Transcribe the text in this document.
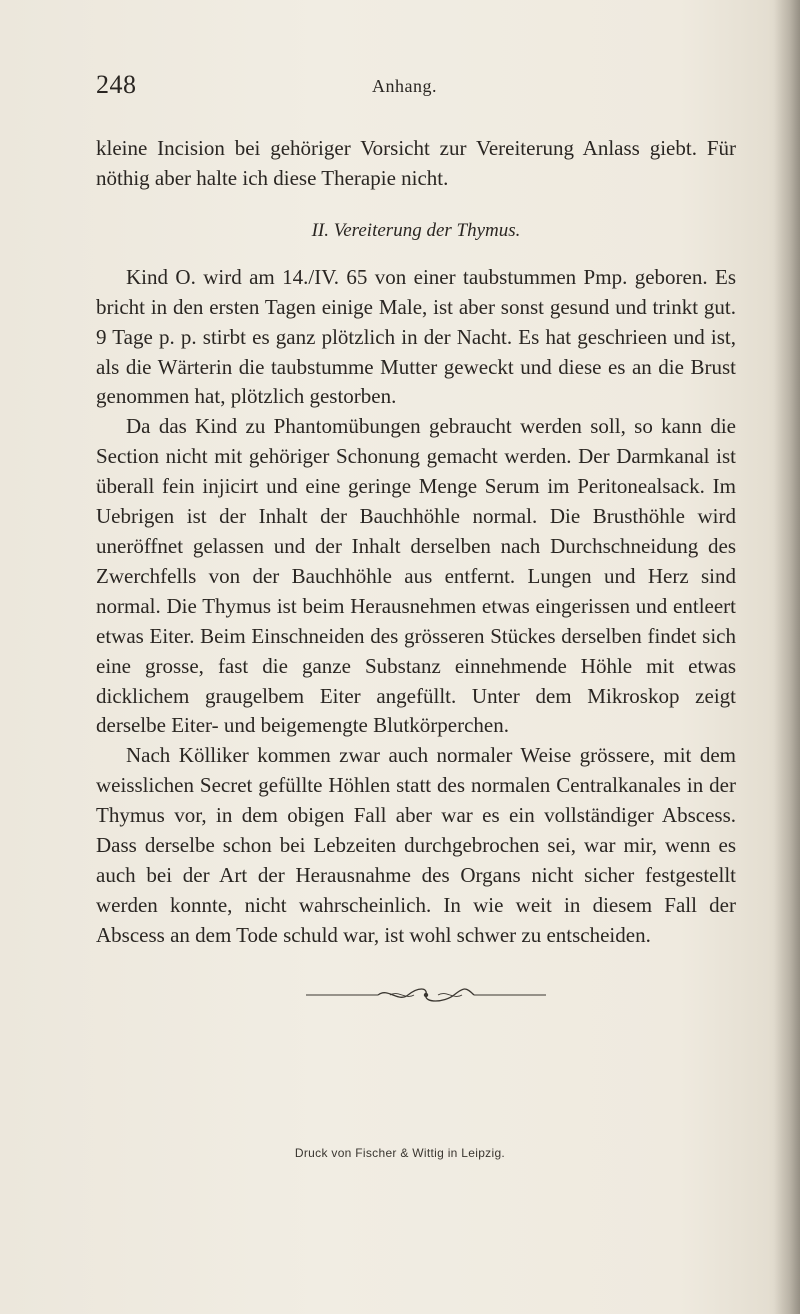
248	Anhang.

kleine Incision bei gehöriger Vorsicht zur Vereiterung Anlass giebt. Für nöthig aber halte ich diese Therapie nicht.

II. Vereiterung der Thymus.

Kind O. wird am 14./IV. 65 von einer taubstummen Pmp. geboren. Es bricht in den ersten Tagen einige Male, ist aber sonst gesund und trinkt gut. 9 Tage p. p. stirbt es ganz plötzlich in der Nacht. Es hat geschrieen und ist, als die Wärterin die taubstumme Mutter geweckt und diese es an die Brust genommen hat, plötzlich gestorben.

Da das Kind zu Phantomübungen gebraucht werden soll, so kann die Section nicht mit gehöriger Schonung gemacht werden. Der Darmkanal ist überall fein injicirt und eine geringe Menge Serum im Peritonealsack. Im Uebrigen ist der Inhalt der Bauchhöhle normal. Die Brusthöhle wird uneröffnet gelassen und der Inhalt derselben nach Durchschneidung des Zwerchfells von der Bauchhöhle aus entfernt. Lungen und Herz sind normal. Die Thymus ist beim Herausnehmen etwas eingerissen und entleert etwas Eiter. Beim Einschneiden des grösseren Stückes derselben findet sich eine grosse, fast die ganze Substanz einnehmende Höhle mit etwas dicklichem graugelbem Eiter angefüllt. Unter dem Mikroskop zeigt derselbe Eiter- und beigemengte Blutkörperchen.

Nach Kölliker kommen zwar auch normaler Weise grössere, mit dem weisslichen Secret gefüllte Höhlen statt des normalen Centralkanales in der Thymus vor, in dem obigen Fall aber war es ein vollständiger Abscess. Dass derselbe schon bei Lebzeiten durchgebrochen sei, war mir, wenn es auch bei der Art der Herausnahme des Organs nicht sicher festgestellt werden konnte, nicht wahrscheinlich. In wie weit in diesem Fall der Abscess an dem Tode schuld war, ist wohl schwer zu entscheiden.

Druck von Fischer & Wittig in Leipzig.
